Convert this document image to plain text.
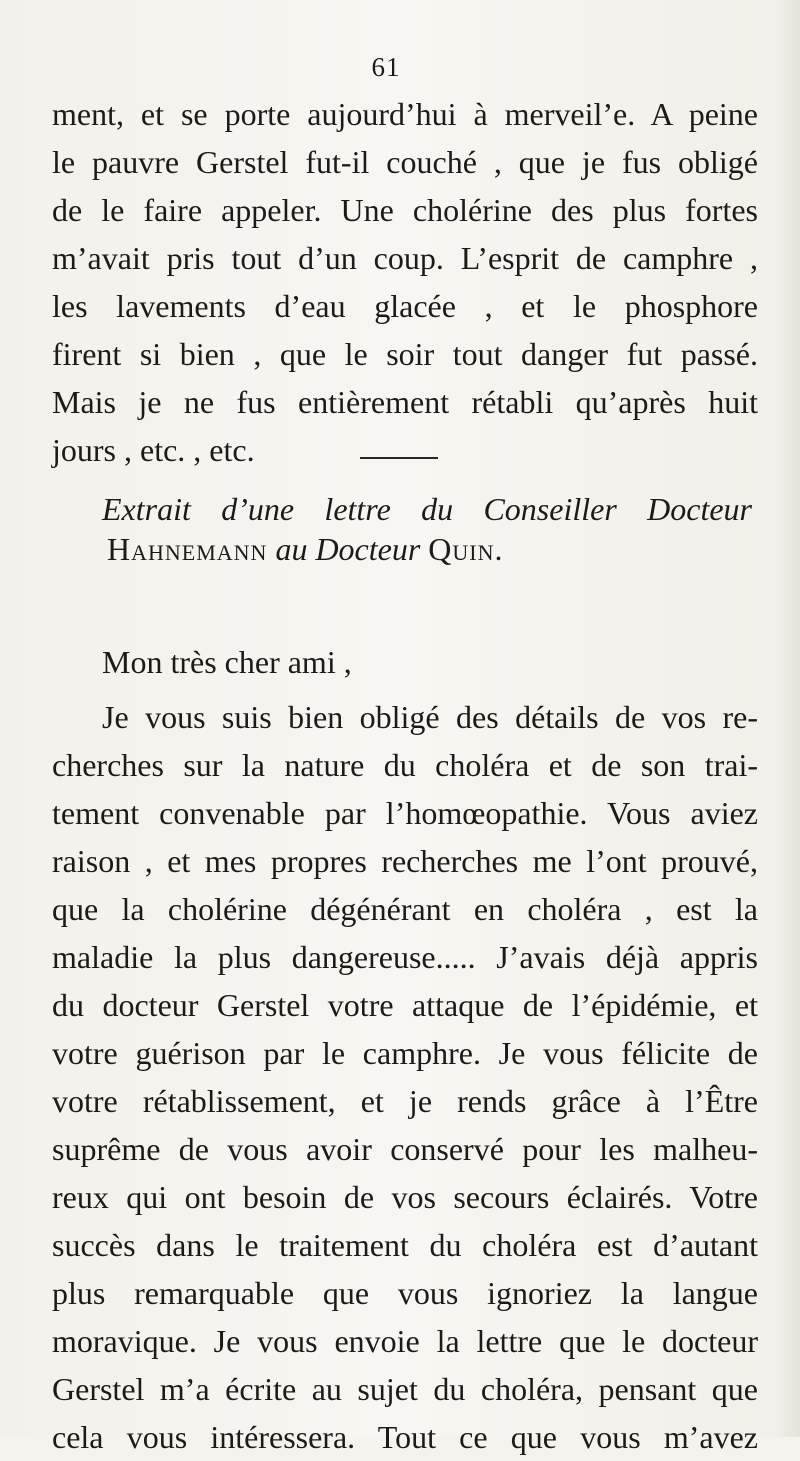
61
ment, et se porte aujourd’hui à merveil’e. A peine
le pauvre Gerstel fut-il couché , que je fus obligé
de le faire appeler. Une cholérine des plus fortes
m’avait pris tout d’un coup. L’esprit de camphre ,
les lavements d’eau glacée , et le phosphore
firent si bien , que le soir tout danger fut passé.
Mais je ne fus entièrement rétabli qu’après huit
jours , etc. , etc.
Extrait d’une lettre du Conseiller Docteur
Hahnemann au Docteur Quin.
Mon très cher ami ,
Je vous suis bien obligé des détails de vos re-
cherches sur la nature du choléra et de son trai-
tement convenable par l’homœopathie. Vous aviez
raison , et mes propres recherches me l’ont prouvé,
que la cholérine dégénérant en choléra , est la
maladie la plus dangereuse..... J’avais déjà appris
du docteur Gerstel votre attaque de l’épidémie, et
votre guérison par le camphre. Je vous félicite de
votre rétablissement, et je rends grâce à l’Être
suprême de vous avoir conservé pour les malheu-
reux qui ont besoin de vos secours éclairés. Votre
succès dans le traitement du choléra est d’autant
plus remarquable que vous ignoriez la langue
moravique. Je vous envoie la lettre que le docteur
Gerstel m’a écrite au sujet du choléra, pensant que
cela vous intéressera. Tout ce que vous m’avez
